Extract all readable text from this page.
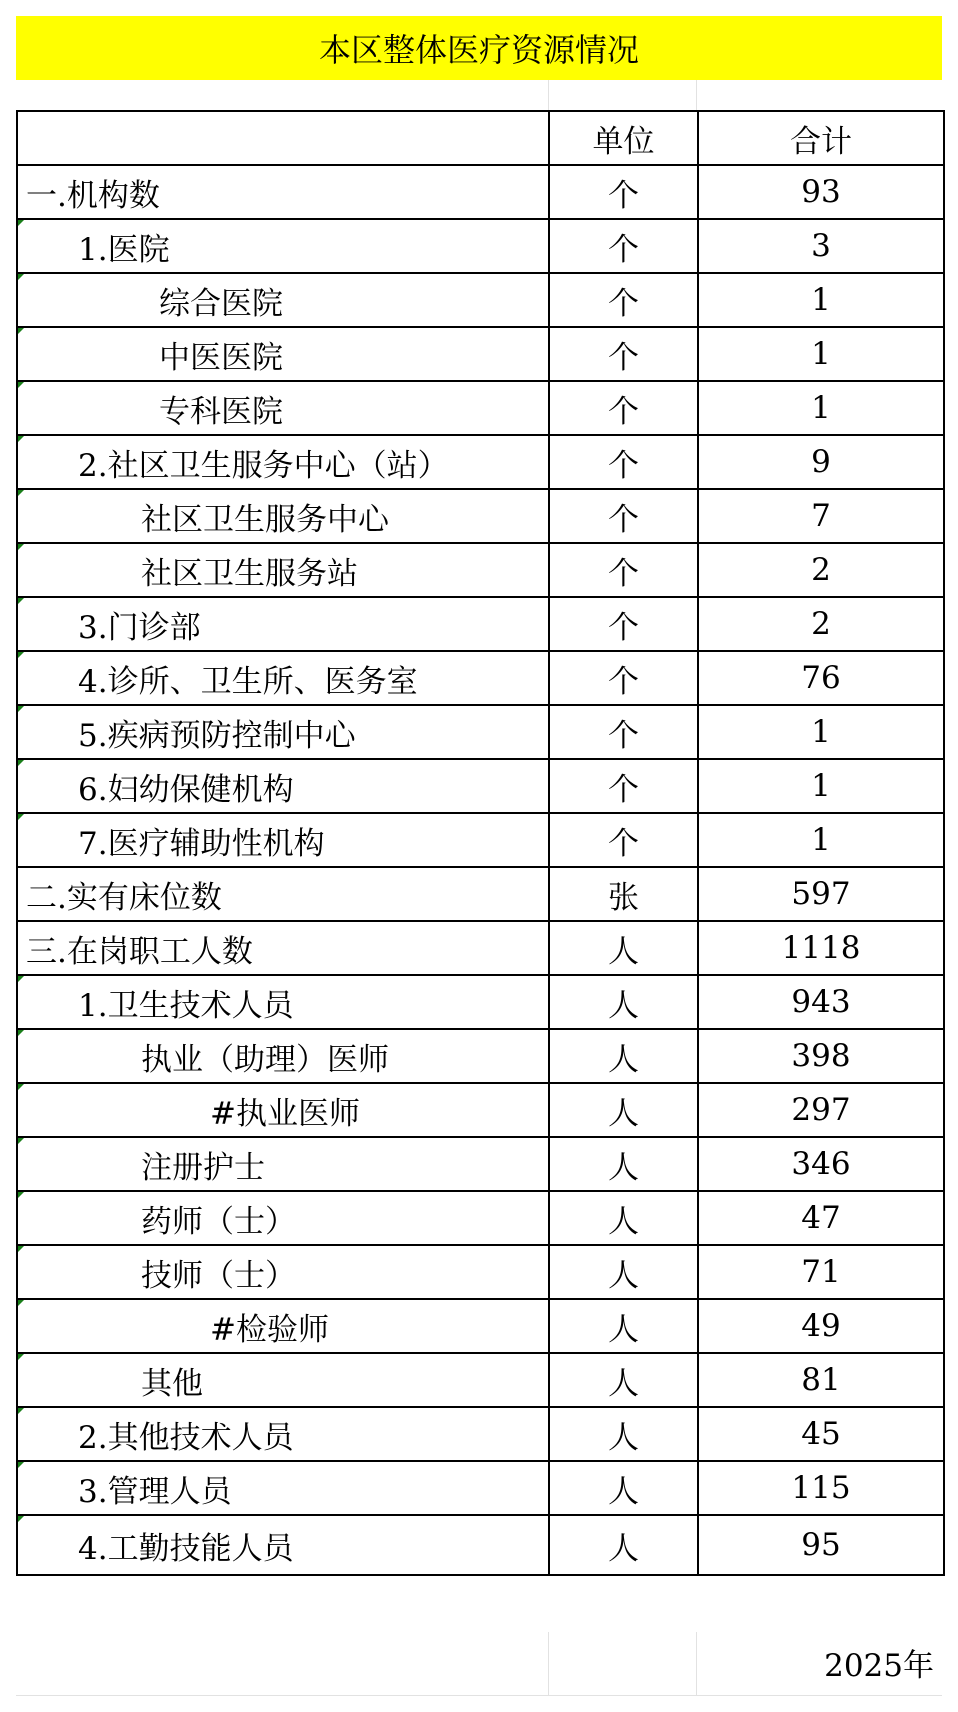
本区整体医疗资源情况
	单位	合计
一.机构数	个	93
1.医院	个	3
综合医院	个	1
中医医院	个	1
专科医院	个	1
2.社区卫生服务中心（站）	个	9
社区卫生服务中心	个	7
社区卫生服务站	个	2
3.门诊部	个	2
4.诊所、卫生所、医务室	个	76
5.疾病预防控制中心	个	1
6.妇幼保健机构	个	1
7.医疗辅助性机构	个	1
二.实有床位数	张	597
三.在岗职工人数	人	1118
1.卫生技术人员	人	943
执业（助理）医师	人	398
#执业医师	人	297
注册护士	人	346
药师（士）	人	47
技师（士）	人	71
#检验师	人	49
其他	人	81
2.其他技术人员	人	45
3.管理人员	人	115
4.工勤技能人员	人	95
2025年
